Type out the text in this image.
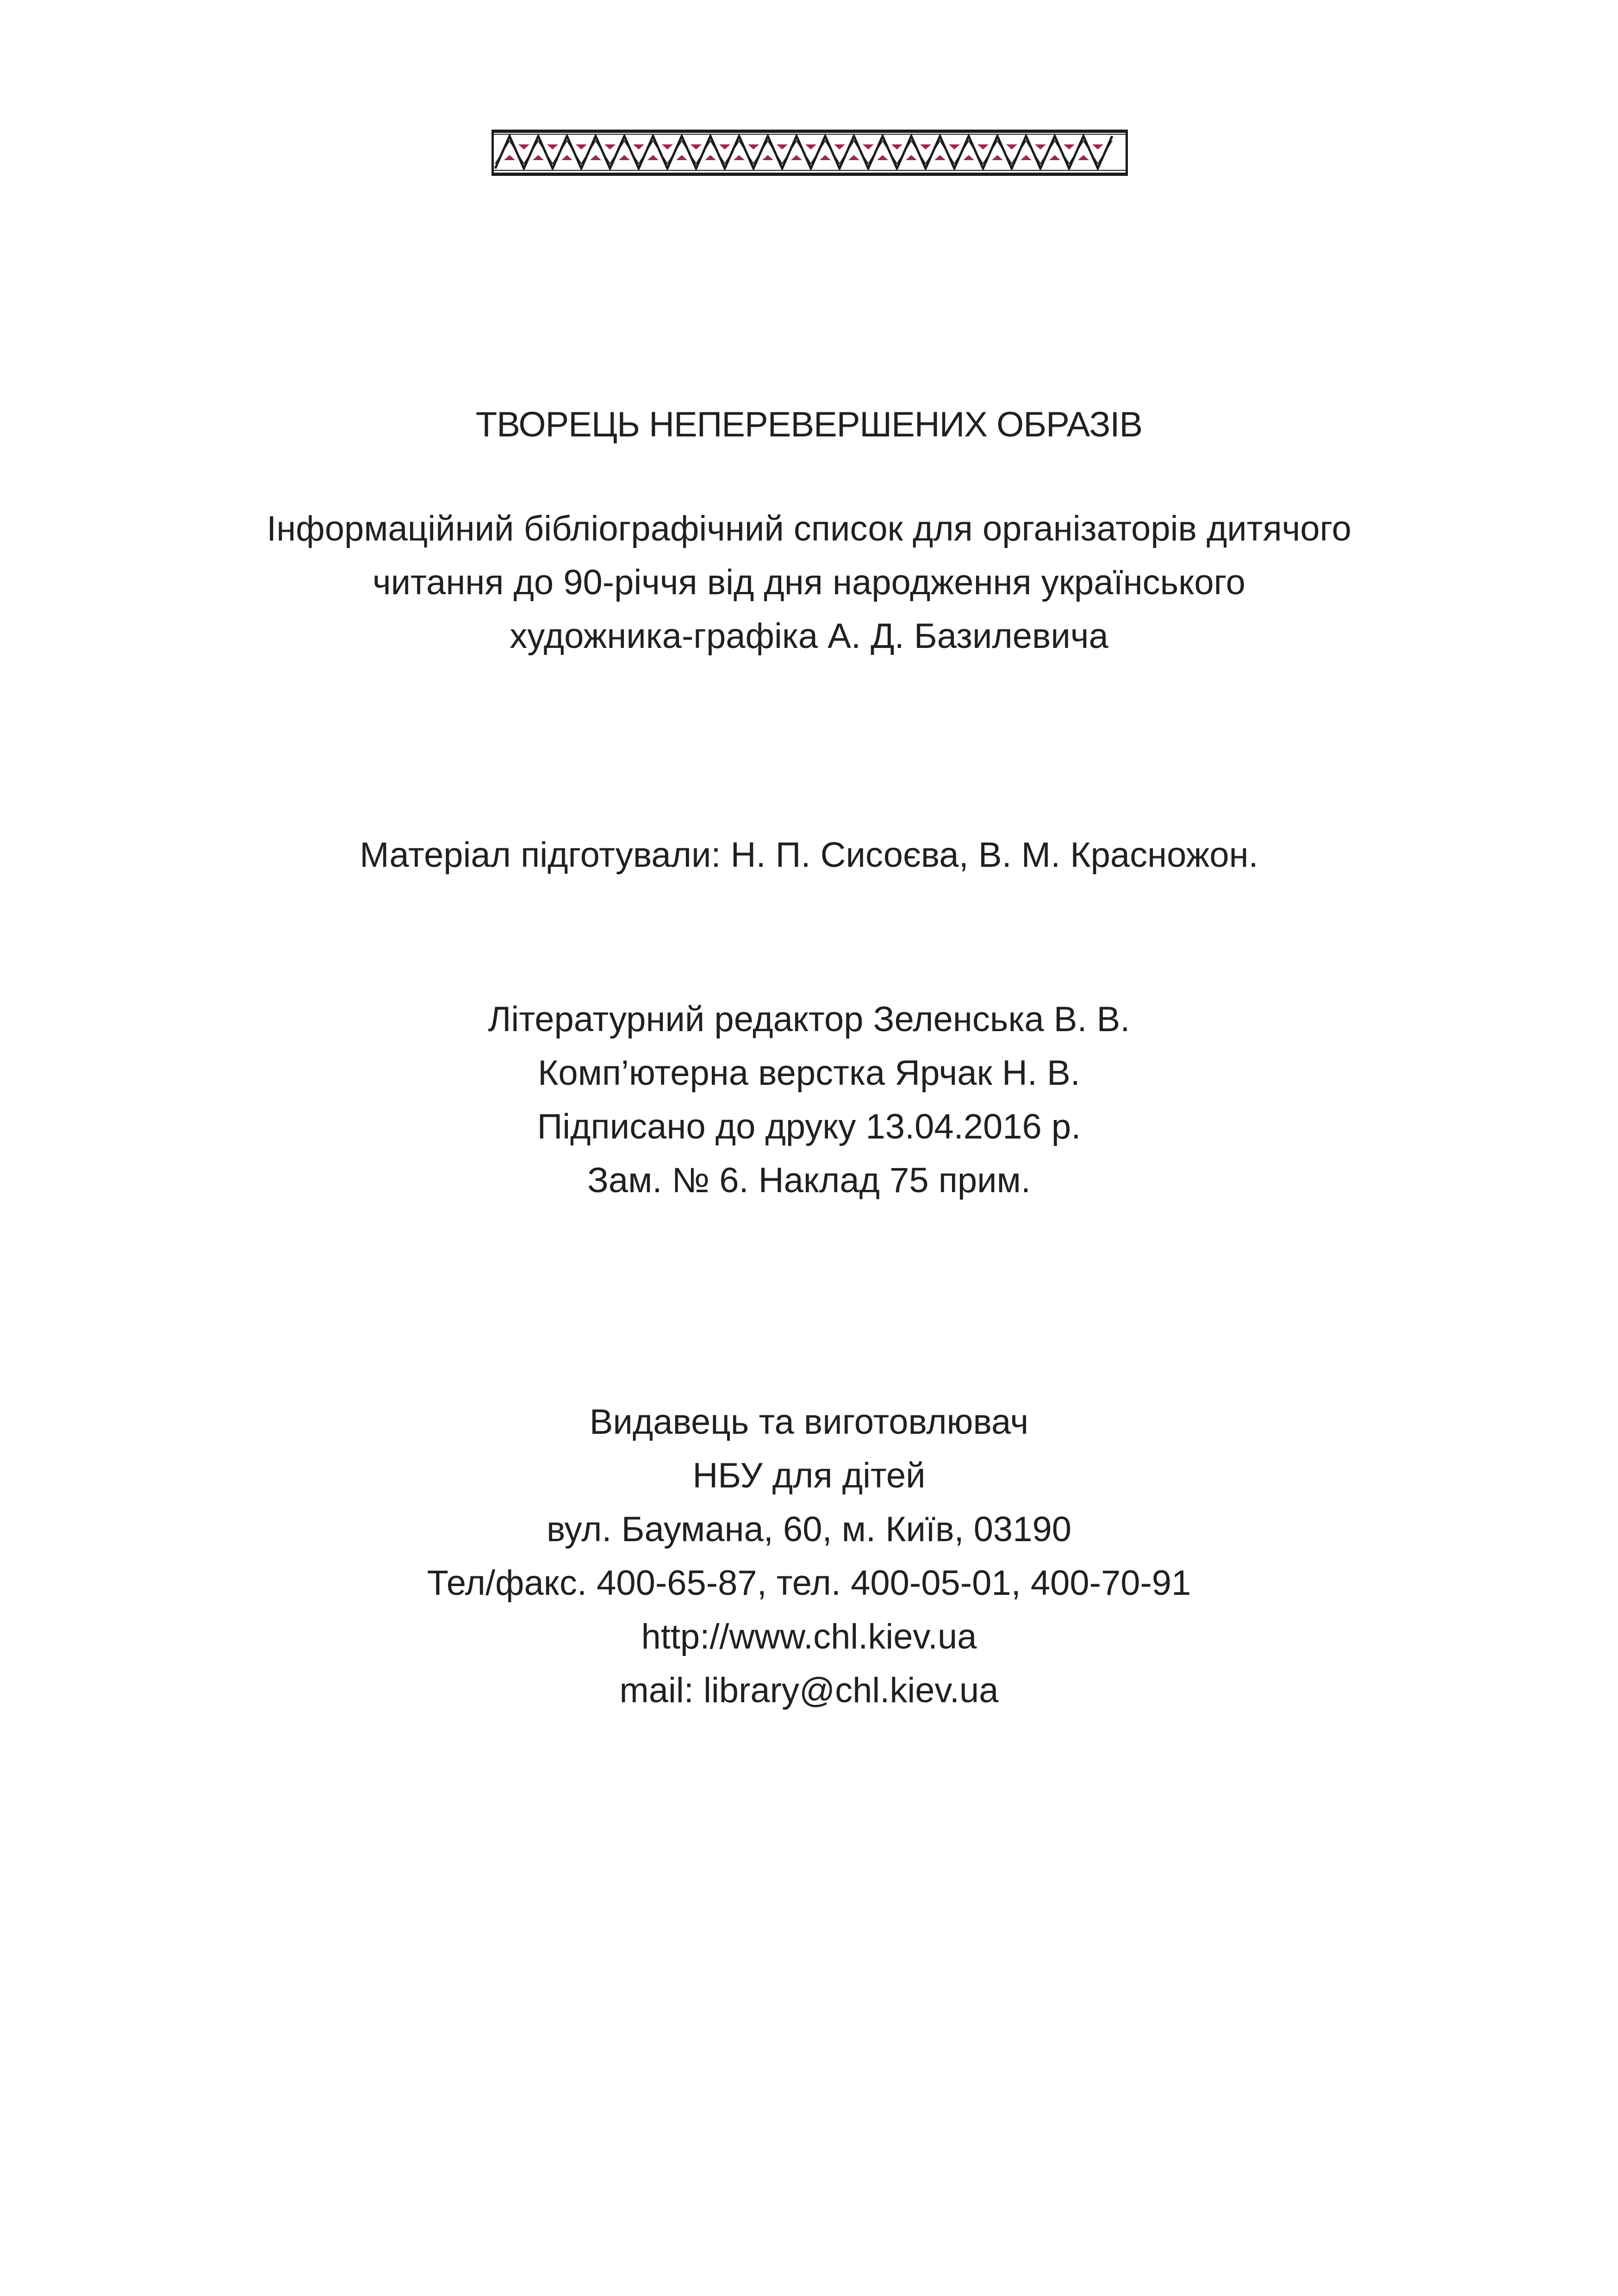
ТВОРЕЦЬ НЕПЕРЕВЕРШЕНИХ ОБРАЗІВ
Інформаційний бібліографічний список для організаторів дитячого
читання до 90-річчя від дня народження українського
художника-графіка А. Д. Базилевича
Матеріал підготували: Н. П. Сисоєва, В. М. Красножон.
Літературний редактор Зеленська В. В.
Комп’ютерна верстка Ярчак Н. В.
Підписано до друку 13.04.2016 р.
Зам. № 6. Наклад 75 прим.
Видавець та виготовлювач
НБУ для дітей
вул. Баумана, 60, м. Київ, 03190
Тел/факс. 400-65-87, тел. 400-05-01, 400-70-91
http://www.chl.kiev.ua
mail: library@chl.kiev.ua
